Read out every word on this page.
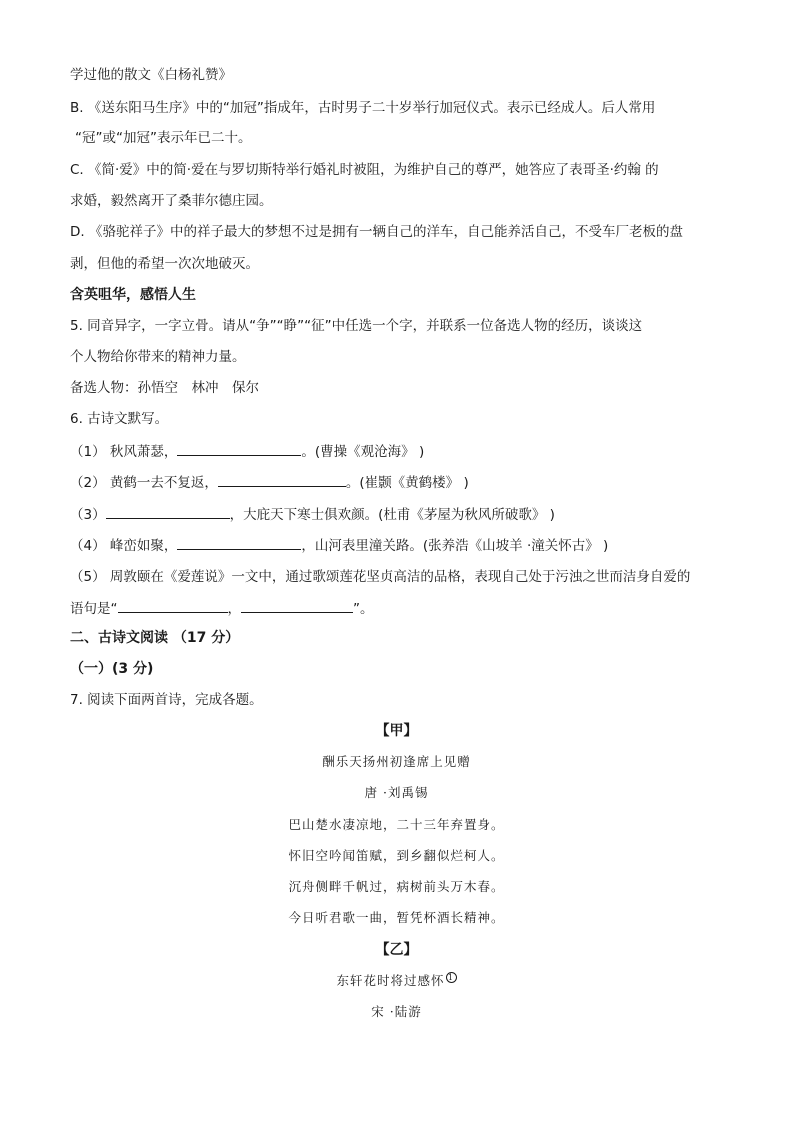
学过他的散文《白杨礼赞》
B. 《送东阳马生序》中的“加冠”指成年，古时男子二十岁举行加冠仪式。表示已经成人。后人常用
“冠”或“加冠”表示年已二十。
C. 《简·爱》中的简·爱在与罗切斯特举行婚礼时被阻，为维护自己的尊严，她答应了表哥圣·约翰 的
求婚，毅然离开了桑菲尔德庄园。
D. 《骆驼祥子》中的祥子最大的梦想不过是拥有一辆自己的洋车，自己能养活自己，不受车厂老板的盘
剥，但他的希望一次次地破灭。
含英咀华，感悟人生
5. 同音异字，一字立骨。请从“争”“睁”“征”中任选一个字，并联系一位备选人物的经历，谈谈这
个人物给你带来的精神力量。
备选人物：孙悟空　林冲　保尔
6. 古诗文默写。
（1） 秋风萧瑟，	。(曹操《观沧海》 )
（2） 黄鹤一去不复返，	。(崔颢《黄鹤楼》 )
（3）	，大庇天下寒士俱欢颜。(杜甫《茅屋为秋风所破歌》 )
（4） 峰峦如聚，	，山河表里潼关路。(张养浩《山坡羊 ·潼关怀古》 )
（5） 周敦颐在《爱莲说》一文中，通过歌颂莲花坚贞高洁的品格，表现自己处于污浊之世而洁身自爱的
语句是“	，	”。
二、古诗文阅读 （17 分）
（一）(3 分)
7. 阅读下面两首诗，完成各题。
【甲】
酬乐天扬州初逢席上见赠
唐 ·刘禹锡
巴山楚水凄凉地，二十三年弃置身。
怀旧空吟闻笛赋，到乡翻似烂柯人。
沉舟侧畔千帆过，病树前头万木春。
今日听君歌一曲，暂凭杯酒长精神。
【乙】
东轩花时将过感怀 1
宋 ·陆游
